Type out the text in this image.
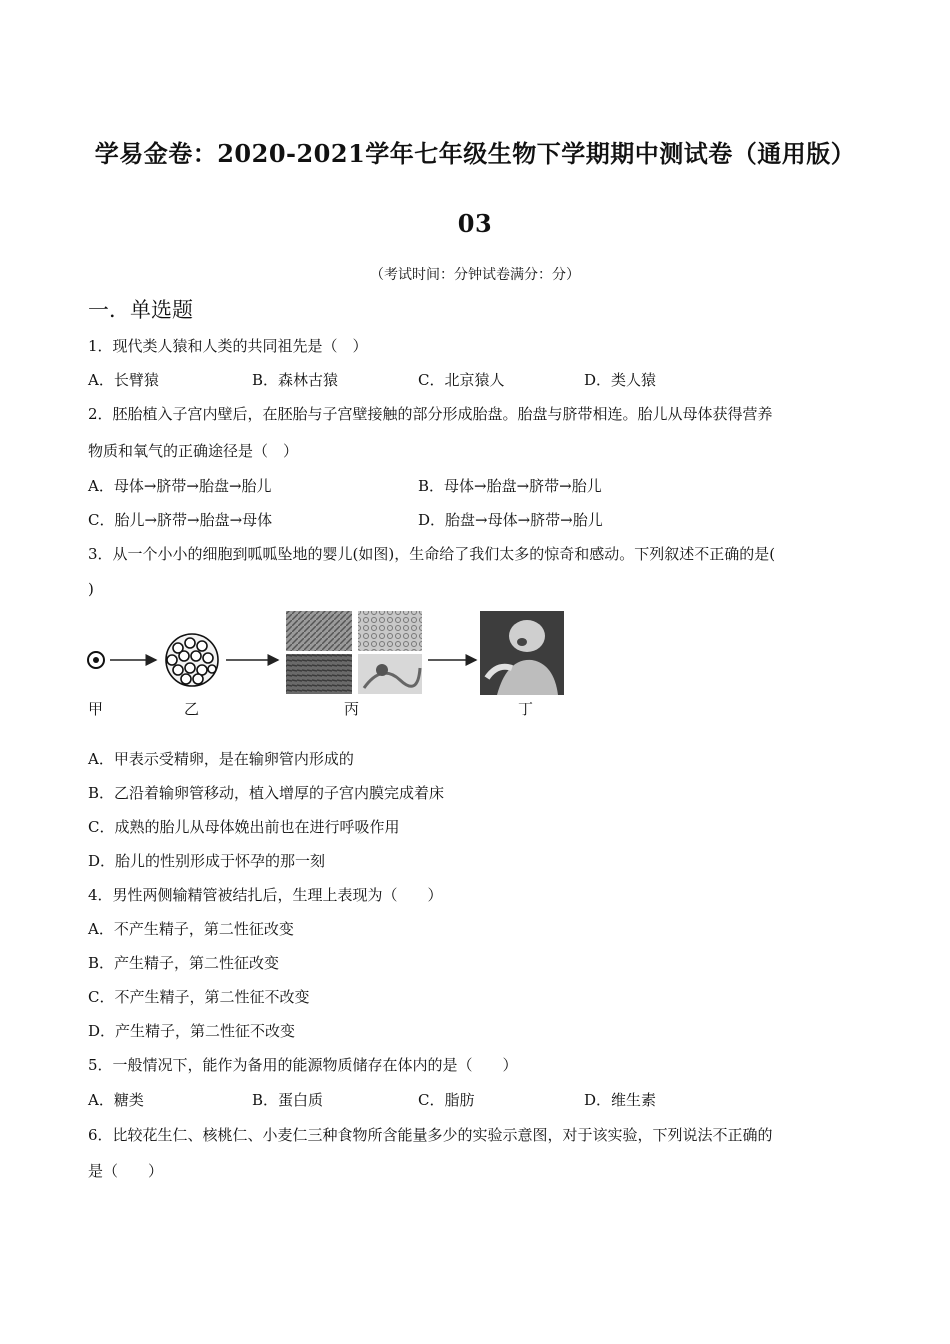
学易金卷：2020-2021学年七年级生物下学期期中测试卷（通用版）
03
（考试时间：分钟试卷满分：分）
一．单选题
1．现代类人猿和人类的共同祖先是（　）
A．长臂猿	B．森林古猿	C．北京猿人	D．类人猿
2．胚胎植入子宫内壁后，在胚胎与子宫壁接触的部分形成胎盘。胎盘与脐带相连。胎儿从母体获得营养
物质和氧气的正确途径是（　）
A．母体→脐带→胎盘→胎儿	B．母体→胎盘→脐带→胎儿
C．胎儿→脐带→胎盘→母体	D．胎盘→母体→脐带→胎儿
3．从一个小小的细胞到呱呱坠地的婴儿(如图)，生命给了我们太多的惊奇和感动。下列叙述不正确的是(
)
甲	乙	丙	丁
A．甲表示受精卵，是在输卵管内形成的
B．乙沿着输卵管移动，植入增厚的子宫内膜完成着床
C．成熟的胎儿从母体娩出前也在进行呼吸作用
D．胎儿的性别形成于怀孕的那一刻
4．男性两侧输精管被结扎后，生理上表现为（　　）
A．不产生精子，第二性征改变
B．产生精子，第二性征改变
C．不产生精子，第二性征不改变
D．产生精子，第二性征不改变
5．一般情况下，能作为备用的能源物质储存在体内的是（　　）
A．糖类	B．蛋白质	C．脂肪	D．维生素
6．比较花生仁、核桃仁、小麦仁三种食物所含能量多少的实验示意图，对于该实验，下列说法不正确的
是（　　）
